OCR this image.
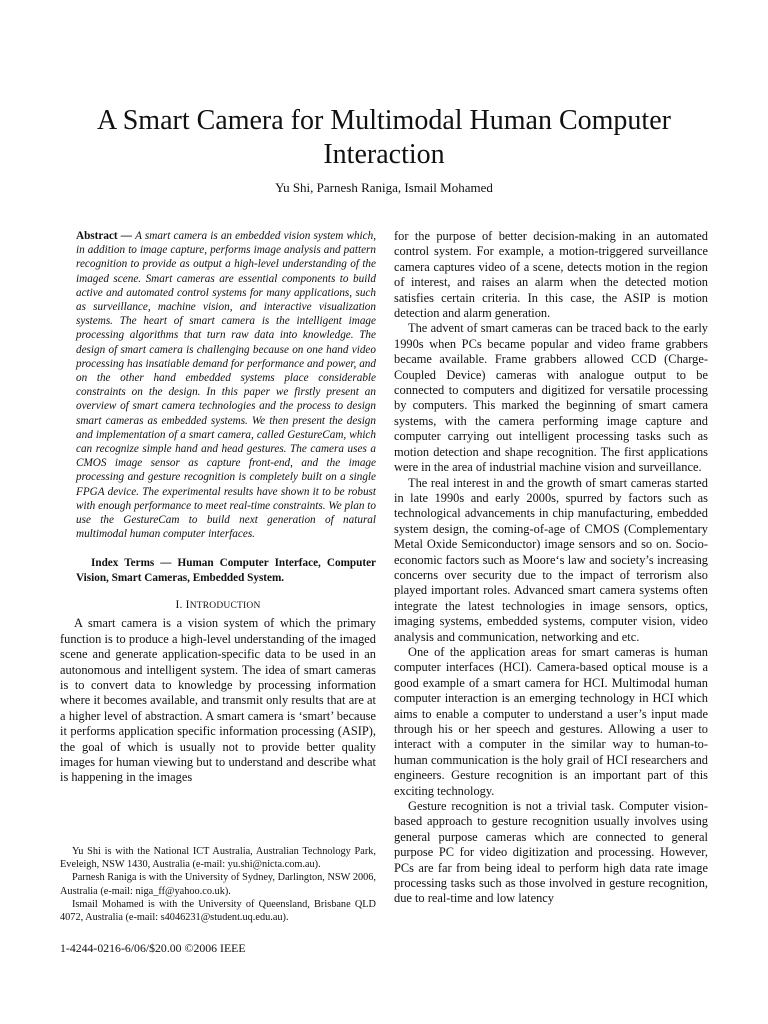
A Smart Camera for Multimodal Human Computer Interaction
Yu Shi, Parnesh Raniga, Ismail Mohamed

Abstract — A smart camera is an embedded vision system which, in addition to image capture, performs image analysis and pattern recognition to provide as output a high-level understanding of the imaged scene. Smart cameras are essential components to build active and automated control systems for many applications, such as surveillance, machine vision, and interactive visualization systems. The heart of smart camera is the intelligent image processing algorithms that turn raw data into knowledge. The design of smart camera is challenging because on one hand video processing has insatiable demand for performance and power, and on the other hand embedded systems place considerable constraints on the design. In this paper we firstly present an overview of smart camera technologies and the process to design smart cameras as embedded systems. We then present the design and implementation of a smart camera, called GestureCam, which can recognize simple hand and head gestures. The camera uses a CMOS image sensor as capture front-end, and the image processing and gesture recognition is completely built on a single FPGA device. The experimental results have shown it to be robust with enough performance to meet real-time constraints. We plan to use the GestureCam to build next generation of natural multimodal human computer interfaces.

Index Terms — Human Computer Interface, Computer Vision, Smart Cameras, Embedded System.

I. INTRODUCTION

A smart camera is a vision system of which the primary function is to produce a high-level understanding of the imaged scene and generate application-specific data to be used in an autonomous and intelligent system. The idea of smart cameras is to convert data to knowledge by processing information where it becomes available, and transmit only results that are at a higher level of abstraction. A smart camera is ‘smart’ because it performs application specific information processing (ASIP), the goal of which is usually not to provide better quality images for human viewing but to understand and describe what is happening in the images

Yu Shi is with the National ICT Australia, Australian Technology Park, Eveleigh, NSW 1430, Australia (e-mail: yu.shi@nicta.com.au).

Parnesh Raniga is with the University of Sydney, Darlington, NSW 2006, Australia (e-mail: niga_ff@yahoo.co.uk).

Ismail Mohamed is with the University of Queensland, Brisbane QLD 4072, Australia (e-mail: s4046231@student.uq.edu.au).

1-4244-0216-6/06/$20.00 ©2006 IEEE

for the purpose of better decision-making in an automated control system. For example, a motion-triggered surveillance camera captures video of a scene, detects motion in the region of interest, and raises an alarm when the detected motion satisfies certain criteria. In this case, the ASIP is motion detection and alarm generation.

The advent of smart cameras can be traced back to the early 1990s when PCs became popular and video frame grabbers became available. Frame grabbers allowed CCD (Charge-Coupled Device) cameras with analogue output to be connected to computers and digitized for versatile processing by computers. This marked the beginning of smart camera systems, with the camera performing image capture and computer carrying out intelligent processing tasks such as motion detection and shape recognition. The first applications were in the area of industrial machine vision and surveillance.

The real interest in and the growth of smart cameras started in late 1990s and early 2000s, spurred by factors such as technological advancements in chip manufacturing, embedded system design, the coming-of-age of CMOS (Complementary Metal Oxide Semiconductor) image sensors and so on. Socio-economic factors such as Moore‘s law and society’s increasing concerns over security due to the impact of terrorism also played important roles. Advanced smart camera systems often integrate the latest technologies in image sensors, optics, imaging systems, embedded systems, computer vision, video analysis and communication, networking and etc.

One of the application areas for smart cameras is human computer interfaces (HCI). Camera-based optical mouse is a good example of a smart camera for HCI. Multimodal human computer interaction is an emerging technology in HCI which aims to enable a computer to understand a user’s input made through his or her speech and gestures. Allowing a user to interact with a computer in the similar way to human-to-human communication is the holy grail of HCI researchers and engineers. Gesture recognition is an important part of this exciting technology.

Gesture recognition is not a trivial task. Computer vision-based approach to gesture recognition usually involves using general purpose cameras which are connected to general purpose PC for video digitization and processing. However, PCs are far from being ideal to perform high data rate image processing tasks such as those involved in gesture recognition, due to real-time and low latency
